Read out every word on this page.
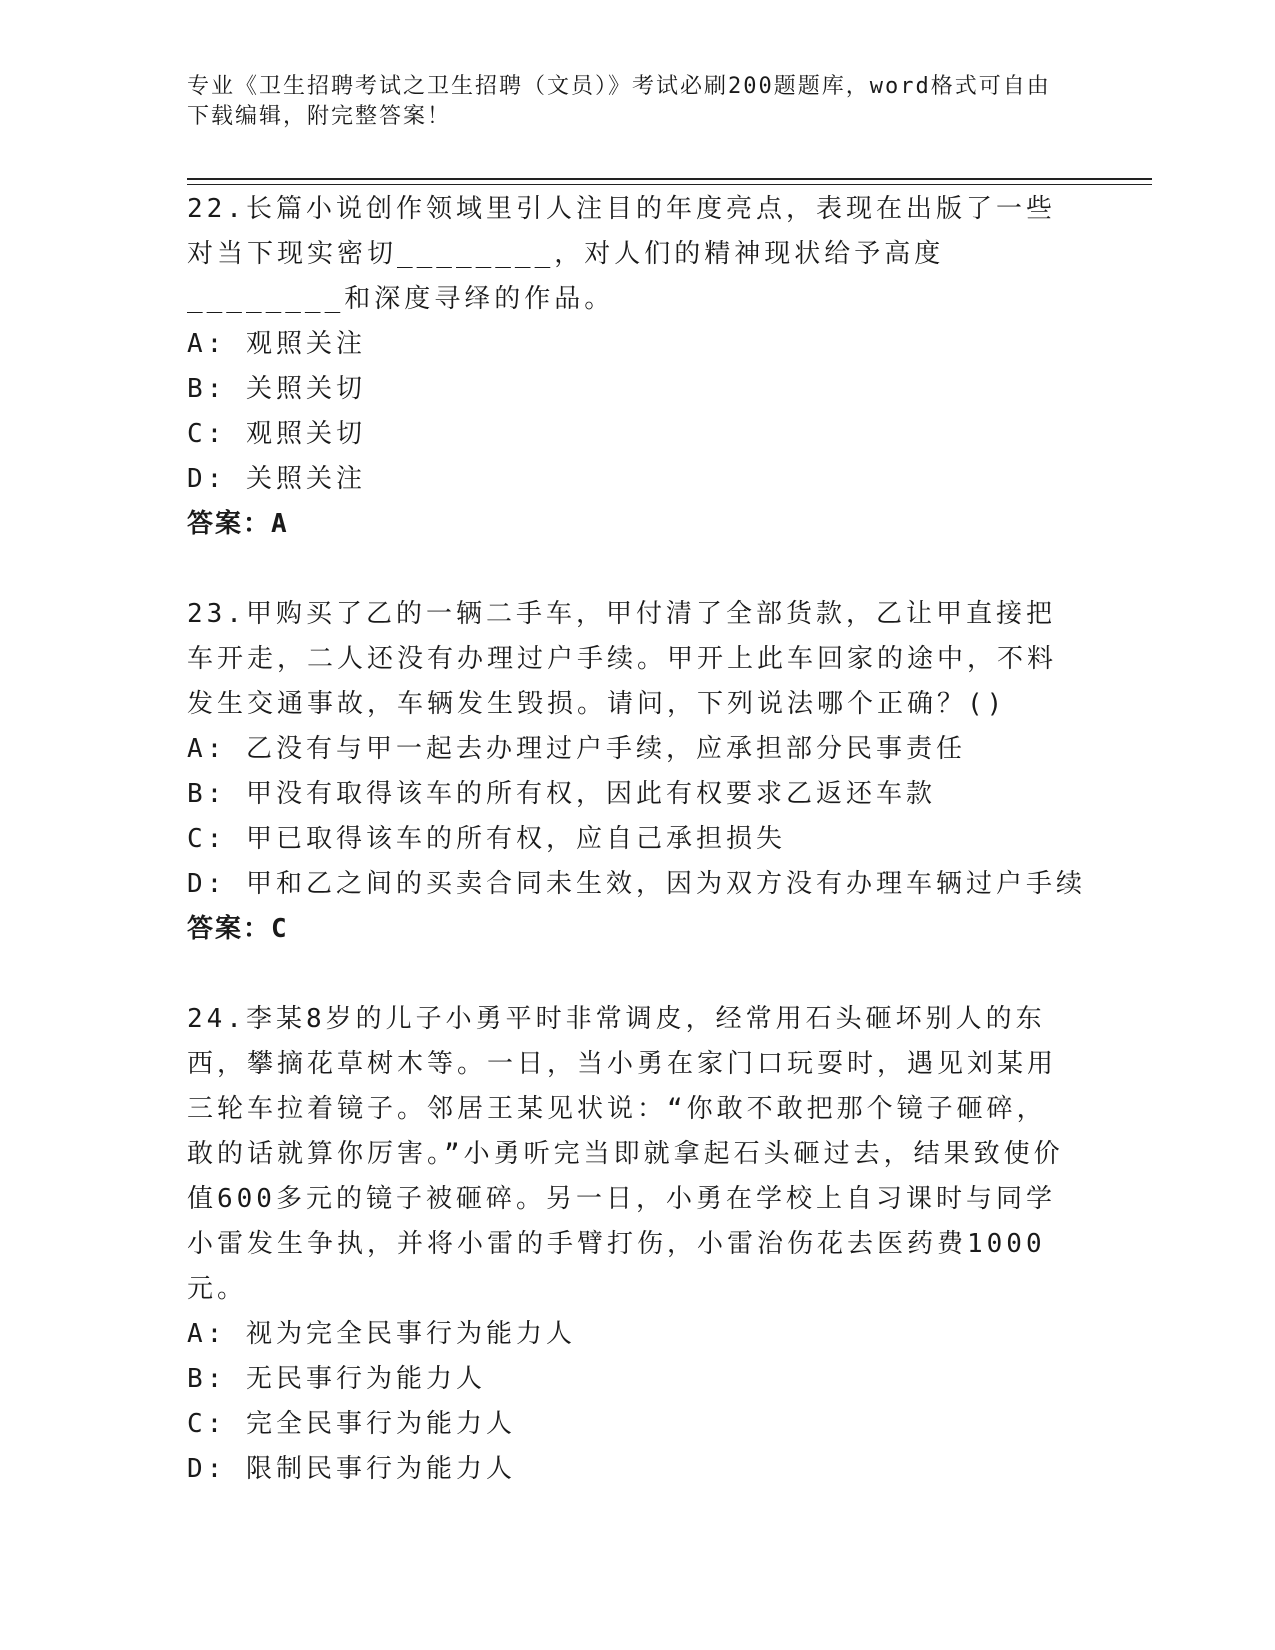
专业《卫生招聘考试之卫生招聘（文员）》考试必刷200题题库，word格式可自由下载编辑，附完整答案！
22.长篇小说创作领域里引人注目的年度亮点，表现在出版了一些对当下现实密切________，对人们的精神现状给予高度________和深度寻绎的作品。
A: 观照关注
B: 关照关切
C: 观照关切
D: 关照关注
答案：A
23.甲购买了乙的一辆二手车，甲付清了全部货款，乙让甲直接把车开走，二人还没有办理过户手续。甲开上此车回家的途中，不料发生交通事故，车辆发生毁损。请问，下列说法哪个正确？()
A: 乙没有与甲一起去办理过户手续，应承担部分民事责任
B: 甲没有取得该车的所有权，因此有权要求乙返还车款
C: 甲已取得该车的所有权，应自己承担损失
D: 甲和乙之间的买卖合同未生效，因为双方没有办理车辆过户手续
答案：C
24.李某8岁的儿子小勇平时非常调皮，经常用石头砸坏别人的东西，攀摘花草树木等。一日，当小勇在家门口玩耍时，遇见刘某用三轮车拉着镜子。邻居王某见状说：“你敢不敢把那个镜子砸碎，敢的话就算你厉害。”小勇听完当即就拿起石头砸过去，结果致使价值600多元的镜子被砸碎。另一日，小勇在学校上自习课时与同学小雷发生争执，并将小雷的手臂打伤，小雷治伤花去医药费1000元。
A: 视为完全民事行为能力人
B: 无民事行为能力人
C: 完全民事行为能力人
D: 限制民事行为能力人
